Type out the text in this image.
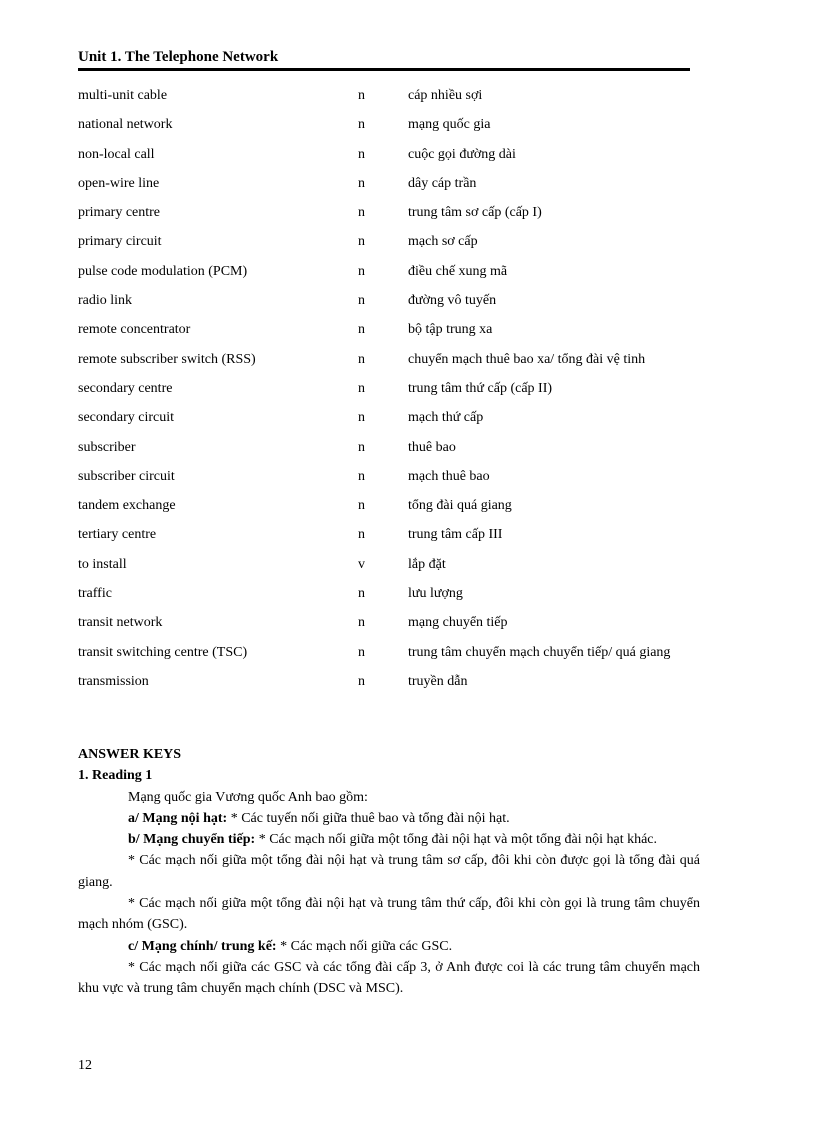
Unit 1. The Telephone Network
multi-unit cable	n	cáp nhiều sợi
national network	n	mạng quốc gia
non-local call	n	cuộc gọi đường dài
open-wire line	n	dây cáp trần
primary centre	n	trung tâm sơ cấp (cấp I)
primary circuit	n	mạch sơ cấp
pulse code modulation (PCM)	n	điều chế xung mã
radio link	n	đường vô tuyến
remote concentrator	n	bộ tập trung xa
remote subscriber switch (RSS)	n	chuyển mạch thuê bao xa/ tổng đài vệ tinh
secondary centre	n	trung tâm thứ cấp (cấp II)
secondary circuit	n	mạch thứ cấp
subscriber	n	thuê bao
subscriber circuit	n	mạch thuê bao
tandem exchange	n	tổng đài quá giang
tertiary centre	n	trung tâm cấp III
to install	v	lắp đặt
traffic	n	lưu lượng
transit network	n	mạng chuyển tiếp
transit switching centre (TSC)	n	trung tâm chuyển mạch chuyển tiếp/ quá giang
transmission	n	truyền dẫn

ANSWER KEYS

1. Reading 1

Mạng quốc gia Vương quốc Anh bao gồm:

a/ Mạng nội hạt: * Các tuyến nối giữa thuê bao và tổng đài nội hạt.

b/ Mạng chuyển tiếp: * Các mạch nối giữa một tổng đài nội hạt và một tổng đài nội hạt khác.

* Các mạch nối giữa một tổng đài nội hạt và trung tâm sơ cấp, đôi khi còn được gọi là tổng đài quá giang.

* Các mạch nối giữa một tổng đài nội hạt và trung tâm thứ cấp, đôi khi còn gọi là trung tâm chuyển mạch nhóm (GSC).

c/ Mạng chính/ trung kế: * Các mạch nối giữa các GSC.

* Các mạch nối giữa các GSC và các tổng đài cấp 3, ở Anh được coi là các trung tâm chuyển mạch khu vực và trung tâm chuyển mạch chính (DSC và MSC).

12
